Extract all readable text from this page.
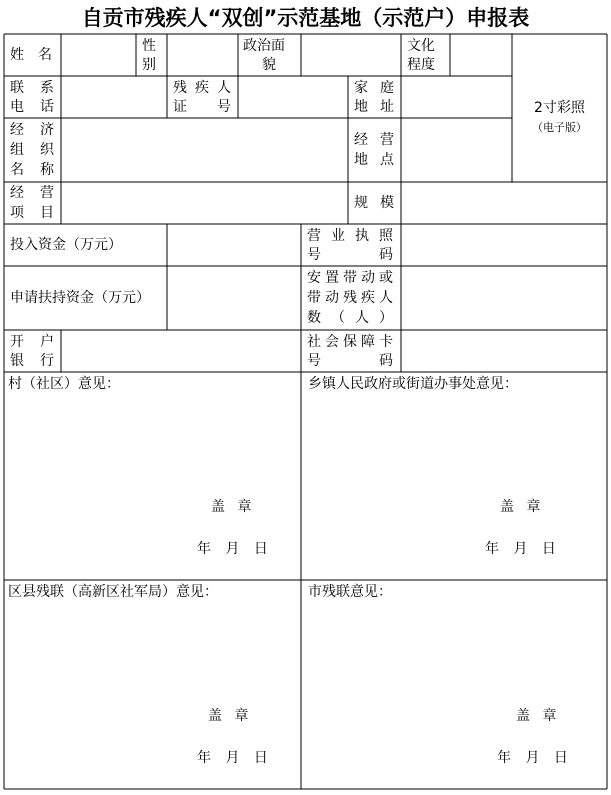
自贡市残疾人“双创”示范基地（示范户）申报表
姓 名
性
别
政治面
貌
文化
程度
联 系
电 话
残疾人
证 号
家 庭
地 址
经 济
组 织
名 称
经 营
地 点
2寸彩照
（电子版）
经 营
项 目
规 模
投入资金（万元）
营 业 执 照
号 码
申请扶持资金（万元）
安置带动或
带动残疾人
数 （ 人 ）
开 户
银 行
社会保障卡
号 码
村（社区）意见：	乡镇人民政府或街道办事处意见：
盖 章
年 月 日
盖 章
年 月 日
区县残联（高新区社军局）意见：	市残联意见：
盖 章
年 月 日
盖 章
年 月 日
